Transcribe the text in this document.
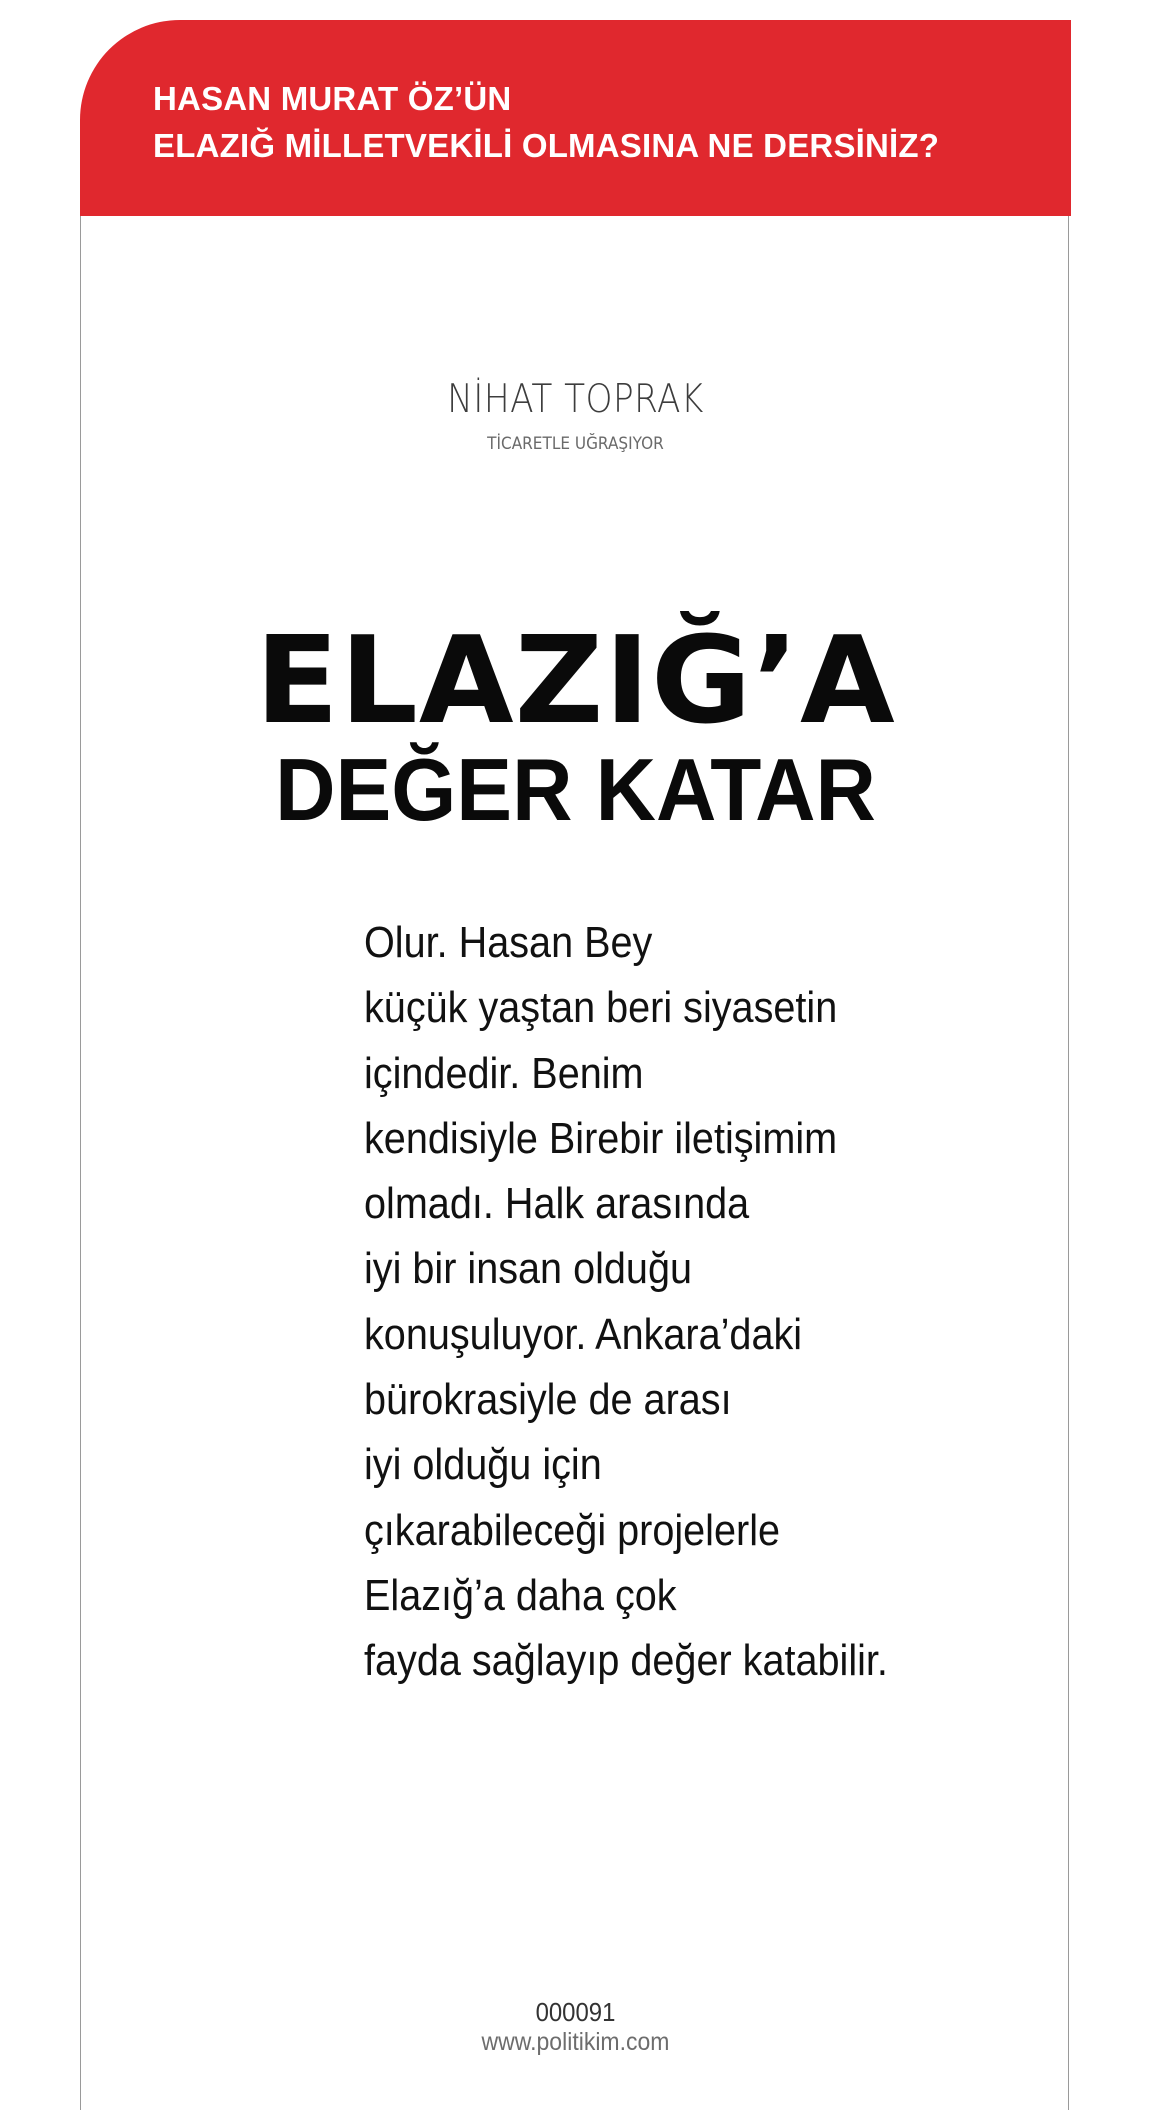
HASAN MURAT ÖZ’ÜN
ELAZIĞ MİLLETVEKİLİ OLMASINA NE DERSİNİZ?
NİHAT TOPRAK
TİCARETLE UĞRAŞIYOR
ELAZIĞ’A
DEĞER KATAR
Olur. Hasan Bey
küçük yaştan beri siyasetin
içindedir. Benim
kendisiyle Birebir iletişimim
olmadı. Halk arasında
iyi bir insan olduğu
konuşuluyor. Ankara’daki
bürokrasiyle de arası
iyi olduğu için
çıkarabileceği projelerle
Elazığ’a daha çok
fayda sağlayıp değer katabilir.
000091
www.politikim.com
